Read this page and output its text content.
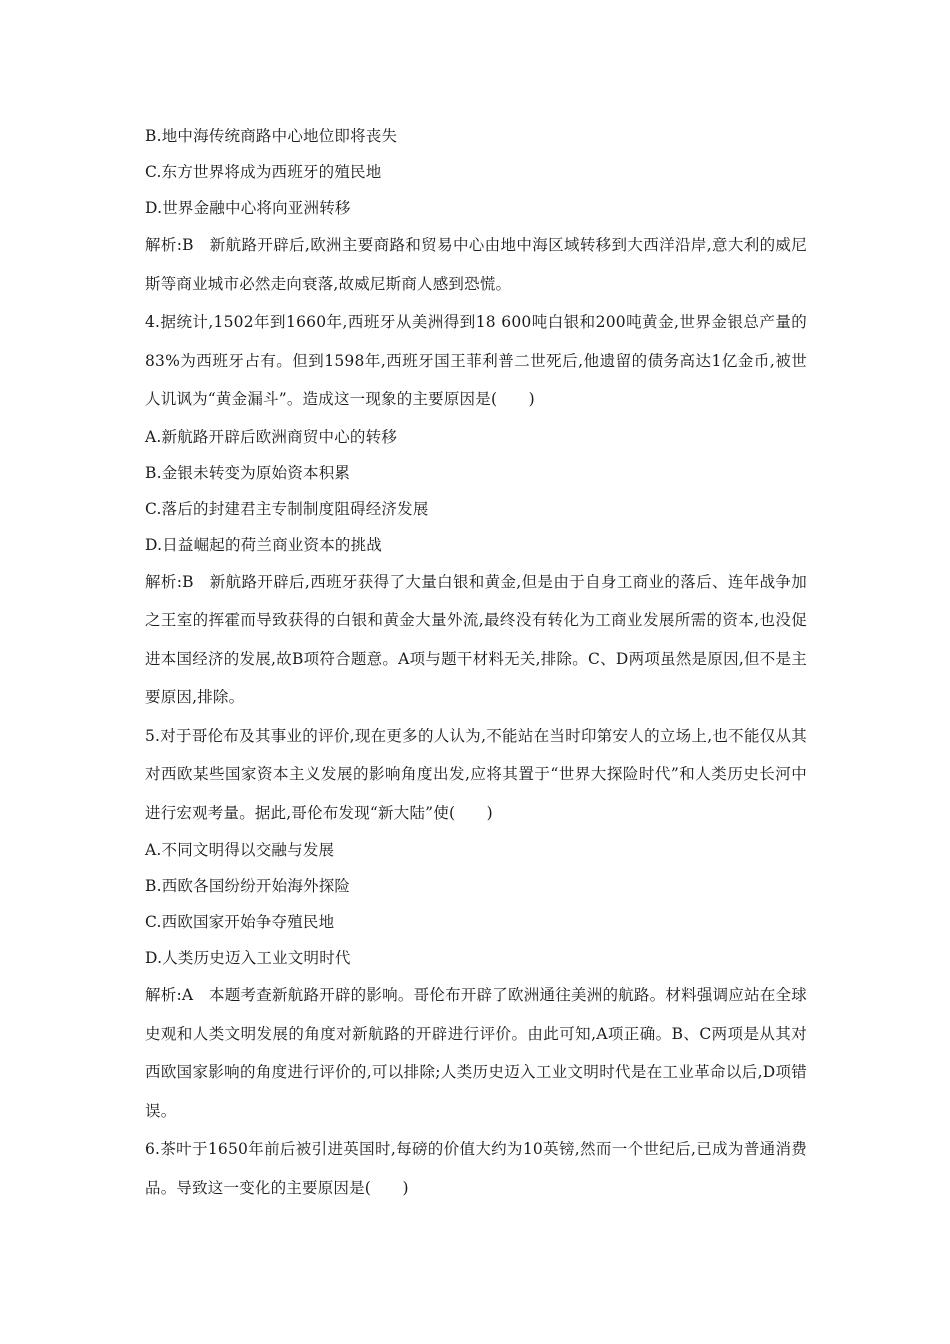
B.地中海传统商路中心地位即将丧失
C.东方世界将成为西班牙的殖民地
D.世界金融中心将向亚洲转移
解析:B　新航路开辟后,欧洲主要商路和贸易中心由地中海区域转移到大西洋沿岸,意大利的威尼斯等商业城市必然走向衰落,故威尼斯商人感到恐慌。
4.据统计,1502年到1660年,西班牙从美洲得到18 600吨白银和200吨黄金,世界金银总产量的83%为西班牙占有。但到1598年,西班牙国王菲利普二世死后,他遗留的债务高达1亿金币,被世人讥讽为“黄金漏斗”。造成这一现象的主要原因是(　　)
A.新航路开辟后欧洲商贸中心的转移
B.金银未转变为原始资本积累
C.落后的封建君主专制制度阻碍经济发展
D.日益崛起的荷兰商业资本的挑战
解析:B　新航路开辟后,西班牙获得了大量白银和黄金,但是由于自身工商业的落后、连年战争加之王室的挥霍而导致获得的白银和黄金大量外流,最终没有转化为工商业发展所需的资本,也没促进本国经济的发展,故B项符合题意。A项与题干材料无关,排除。C、D两项虽然是原因,但不是主要原因,排除。
5.对于哥伦布及其事业的评价,现在更多的人认为,不能站在当时印第安人的立场上,也不能仅从其对西欧某些国家资本主义发展的影响角度出发,应将其置于“世界大探险时代”和人类历史长河中进行宏观考量。据此,哥伦布发现“新大陆”使(　　)
A.不同文明得以交融与发展
B.西欧各国纷纷开始海外探险
C.西欧国家开始争夺殖民地
D.人类历史迈入工业文明时代
解析:A　本题考查新航路开辟的影响。哥伦布开辟了欧洲通往美洲的航路。材料强调应站在全球史观和人类文明发展的角度对新航路的开辟进行评价。由此可知,A项正确。B、C两项是从其对西欧国家影响的角度进行评价的,可以排除;人类历史迈入工业文明时代是在工业革命以后,D项错误。
6.茶叶于1650年前后被引进英国时,每磅的价值大约为10英镑,然而一个世纪后,已成为普通消费品。导致这一变化的主要原因是(　　)
